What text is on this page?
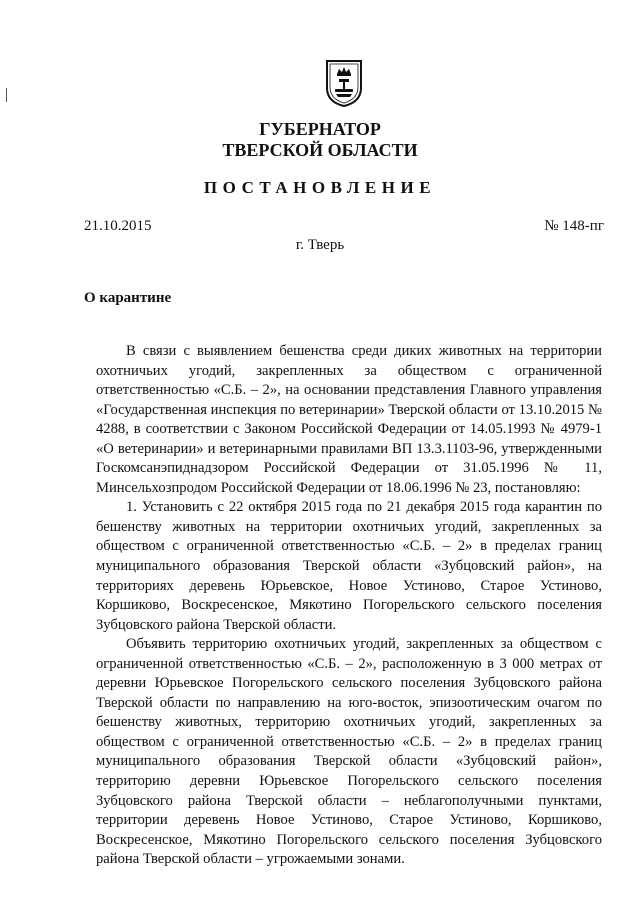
ГУБЕРНАТОР
ТВЕРСКОЙ ОБЛАСТИ
ПОСТАНОВЛЕНИЕ
21.10.2015	№ 148-пг
г. Тверь
О карантине

В связи с выявлением бешенства среди диких животных на территории охотничьих угодий, закрепленных за обществом с ограниченной ответственностью «С.Б. – 2», на основании представления Главного управления «Государственная инспекция по ветеринарии» Тверской области от 13.10.2015 № 4288, в соответствии с Законом Российской Федерации от 14.05.1993 № 4979-1 «О ветеринарии» и ветеринарными правилами ВП 13.3.1103-96, утвержденными Госкомсанэпиднадзором Российской Федерации от 31.05.1996 № 11, Минсельхозпродом Российской Федерации от 18.06.1996 № 23, постановляю:

1. Установить с 22 октября 2015 года по 21 декабря 2015 года карантин по бешенству животных на территории охотничьих угодий, закрепленных за обществом с ограниченной ответственностью «С.Б. – 2» в пределах границ муниципального образования Тверской области «Зубцовский район», на территориях деревень Юрьевское, Новое Устиново, Старое Устиново, Коршиково, Воскресенское, Мякотино Погорельского сельского поселения Зубцовского района Тверской области.

Объявить территорию охотничьих угодий, закрепленных за обществом с ограниченной ответственностью «С.Б. – 2», расположенную в 3 000 метрах от деревни Юрьевское Погорельского сельского поселения Зубцовского района Тверской области по направлению на юго-восток, эпизоотическим очагом по бешенству животных, территорию охотничьих угодий, закрепленных за обществом с ограниченной ответственностью «С.Б. – 2» в пределах границ муниципального образования Тверской области «Зубцовский район», территорию деревни Юрьевское Погорельского сельского поселения Зубцовского района Тверской области – неблагополучными пунктами, территории деревень Новое Устиново, Старое Устиново, Коршиково, Воскресенское, Мякотино Погорельского сельского поселения Зубцовского района Тверской области – угрожаемыми зонами.
